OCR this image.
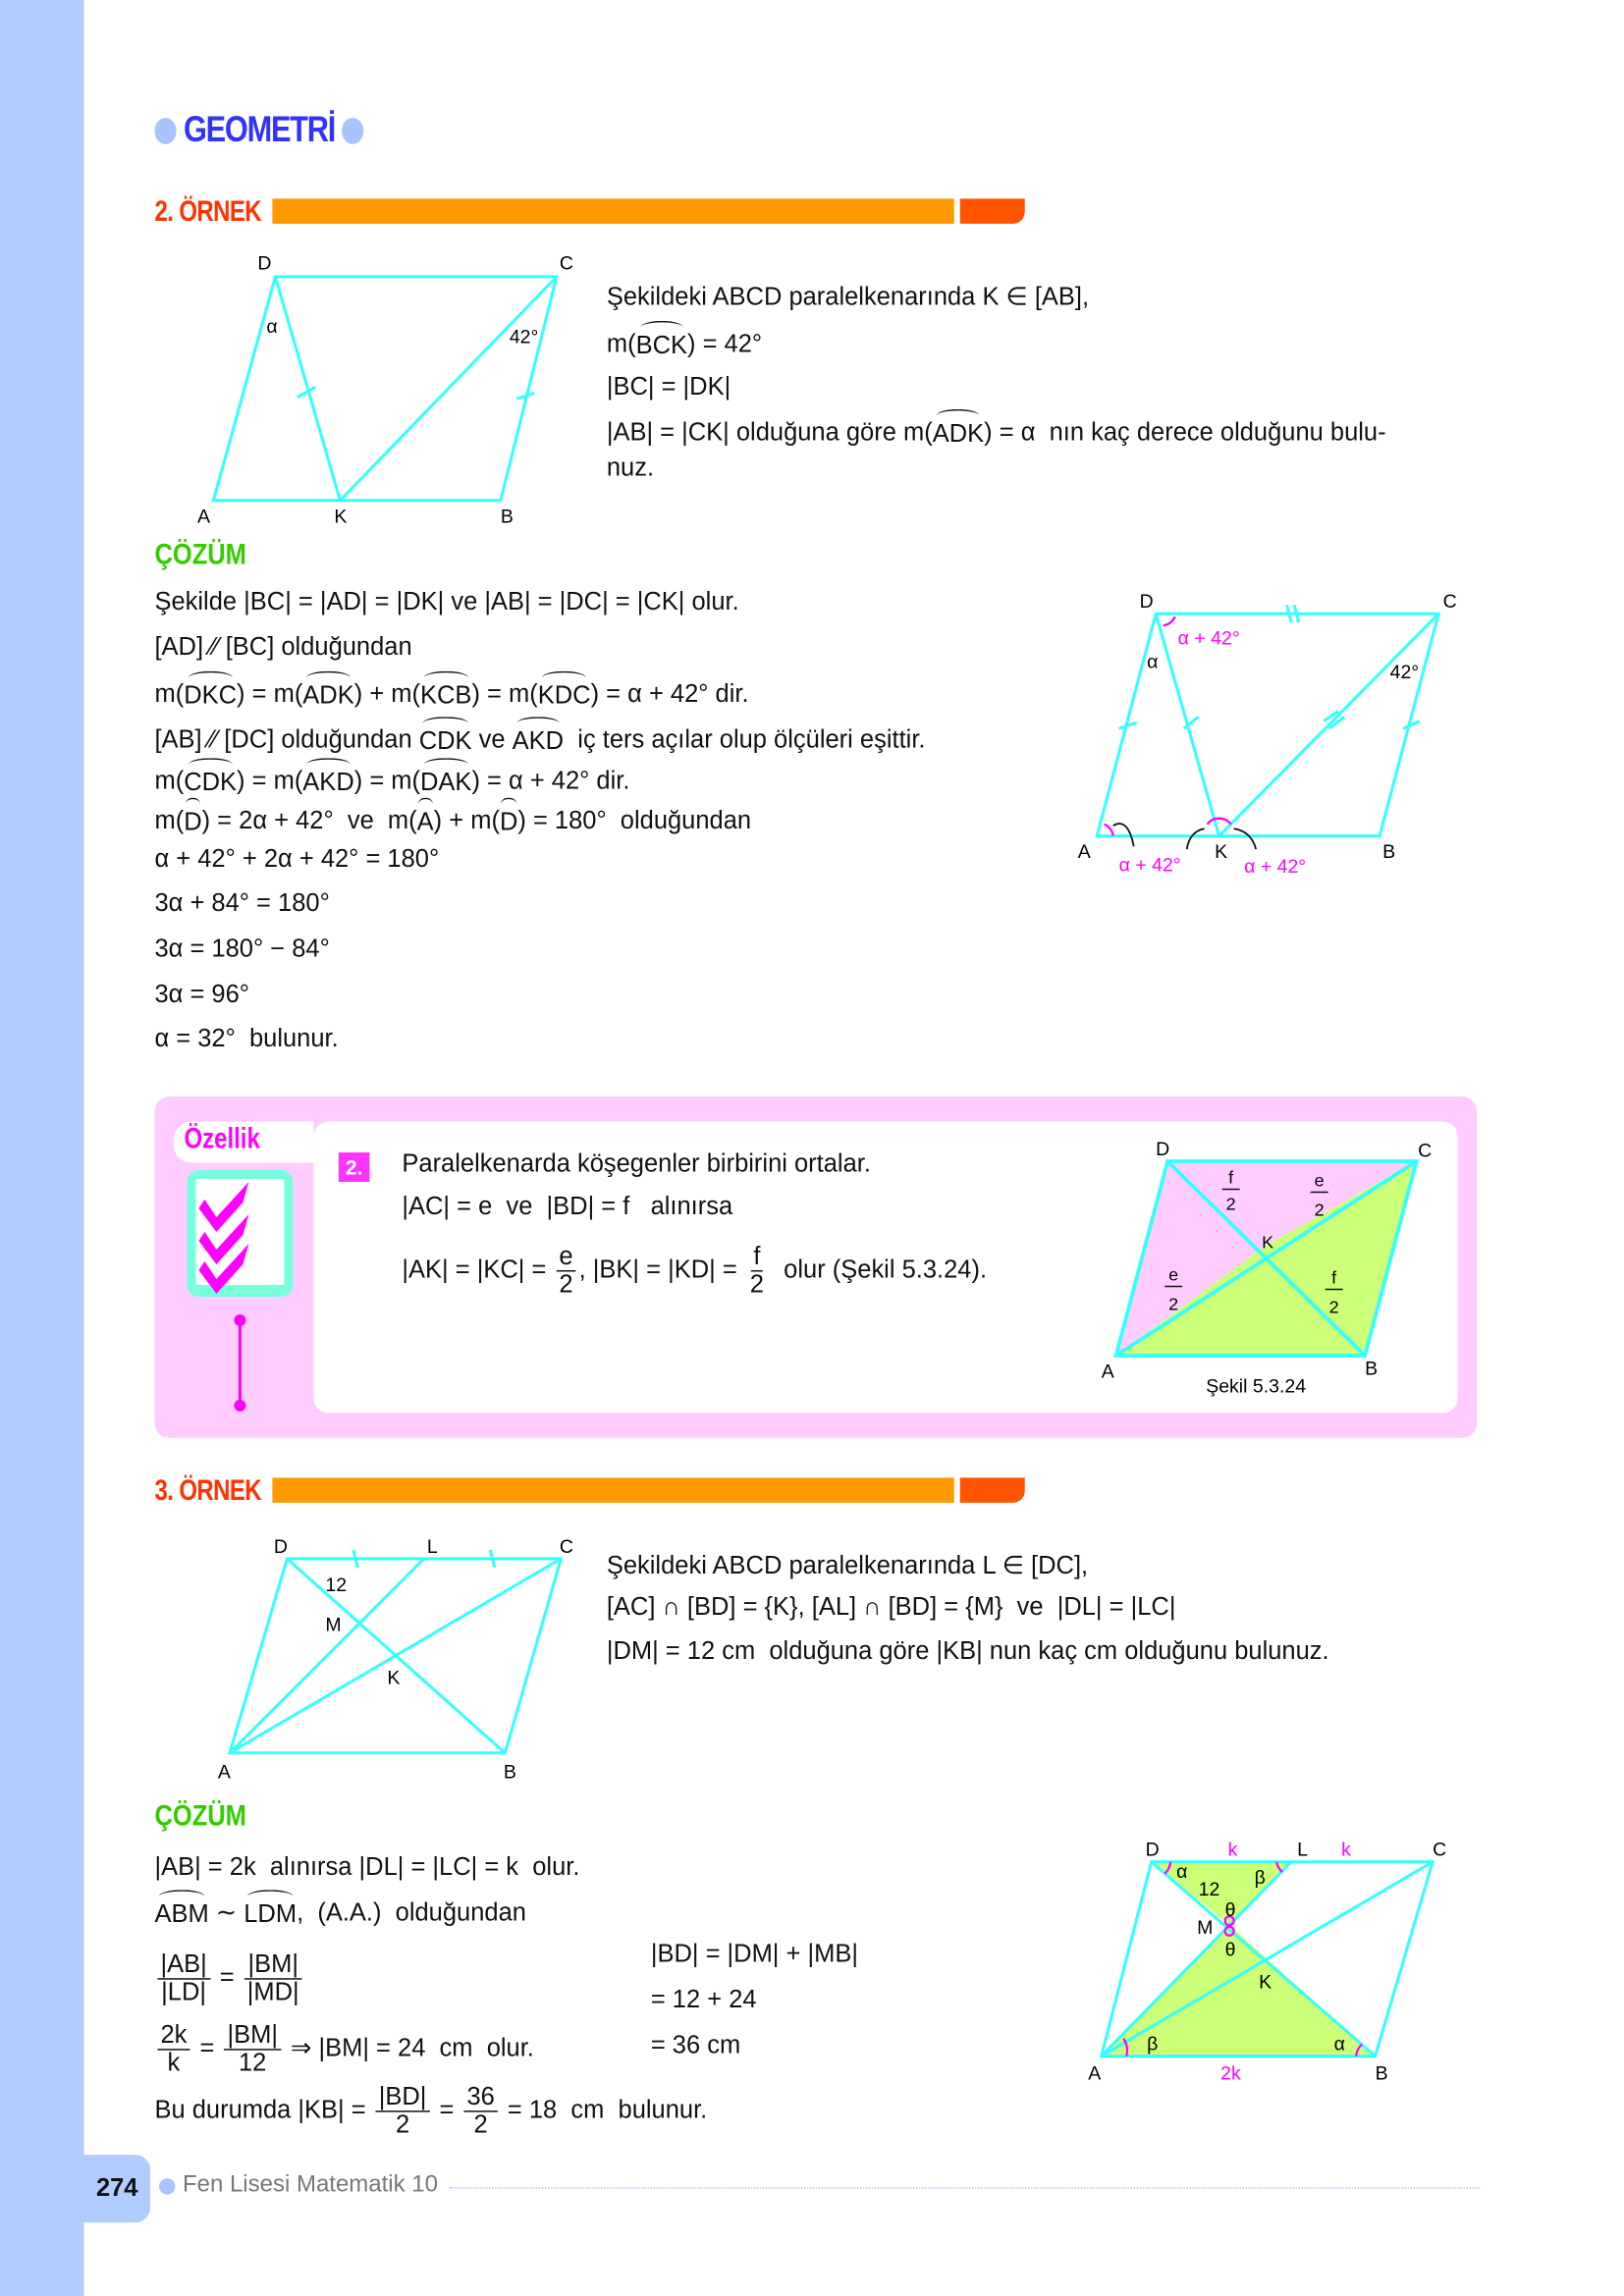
274
GEOMETRİ
2. ÖRNEK
D	C
A	K	B
α	42°
Şekildeki ABCD paralelkenarında K ∈ [AB],
m( BCK ) = 42°
|BC| = |DK|
|AB| = |CK| olduğuna göre m( ADK ) = α  nın kaç derece olduğunu bulu-
nuz.
ÇÖZÜM
Şekilde |BC| = |AD| = |DK| ve |AB| = |DC| = |CK| olur.
[AD] ⁄⁄ [BC] olduğundan
m( DKC ) = m( ADK ) + m( KCB ) = m( KDC ) = α + 42° dir.
[AB] ⁄⁄ [DC] olduğundan CDK ve AKD iç ters açılar olup ölçüleri eşittir.
m( CDK ) = m( AKD ) = m( DAK ) = α + 42° dir.
m( D ) = 2α + 42°  ve  m( A ) + m( D ) = 180°  olduğundan
α + 42° + 2α + 42° = 180°
3α + 84° = 180°
3α = 180° − 84°
3α = 96°
α = 32°  bulunur.
D	C
A	K	B
α	42°
α + 42°
α + 42°	α + 42°
Özellik
2.	Paralelkenarda köşegenler birbirini ortalar.
|AC| = e  ve  |BD| = f   alınırsa
$|AK| = |KC| = \frac{e}{2}$ , $|BK| = |KD| = \frac{f}{2}$ olur (Şekil 5.3.24).
D	C
A	B
K
f
2
e
2
e
2
f
2
Şekil 5.3.24
3. ÖRNEK
D	L	C
A	B
M
K
12
Şekildeki ABCD paralelkenarında L ∈ [DC],
[AC] ∩ [BD] = {K}, [AL] ∩ [BD] = {M}  ve  |DL| = |LC|
|DM| = 12 cm  olduğuna göre |KB| nun kaç cm olduğunu bulunuz.
ÇÖZÜM
|AB| = 2k  alınırsa |DL| = |LC| = k  olur.
ABM ∼ LDM ,  (A.A.)  olduğundan
$\frac{|AB|}{|LD|} = \frac{|BM|}{|MD|}$
$\frac{2k}{k} = \frac{|BM|}{12}$ ⇒ |BM| = 24  cm  olur.
Bu durumda $|KB| = \frac{|BD|}{2} = \frac{36}{2} = 18$  cm  bulunur.
|BD| = |DM| + |MB|
= 12 + 24
= 36 cm
D	L	C
A	B
M
K
k	k
2k
12
α	β
θ
θ
β	α
Fen Lisesi Matematik 10
